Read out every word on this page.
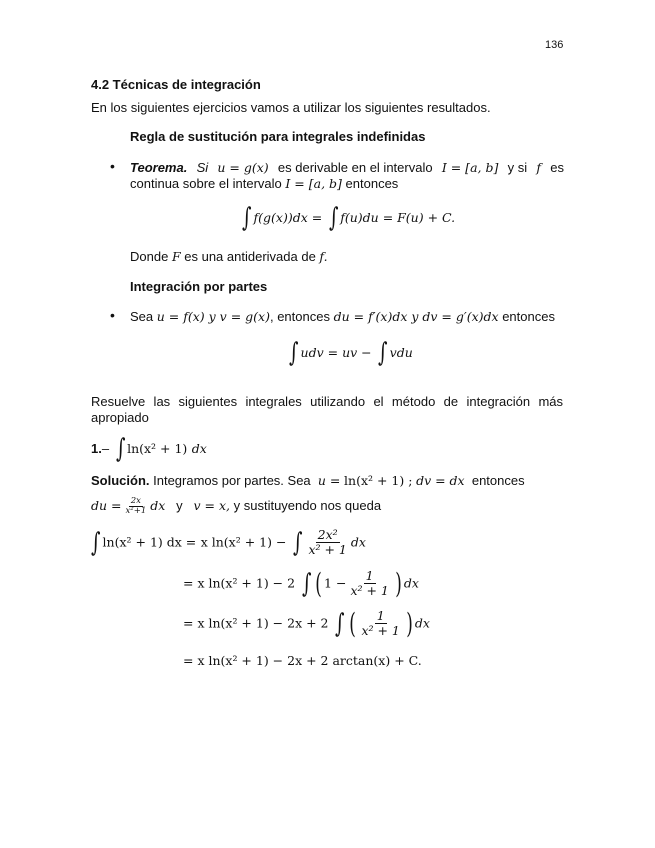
136
4.2 Técnicas de integración
En los siguientes ejercicios vamos a utilizar los siguientes resultados.
Regla de sustitución para integrales indefinidas
• Teorema. Si u = g(x) es derivable en el intervalo I = [a, b] y si f es
continua sobre el intervalo I = [a, b] entonces
∫ f(g(x))dx = ∫ f(u)du = F(u) + C.
Donde F es una antiderivada de f.
Integración por partes
• Sea u = f(x) y v = g(x), entonces du = f′(x)dx y dv = g′(x)dx entonces
∫ udv = uv − ∫ vdu
Resuelve las siguientes integrales utilizando el método de integración más apropiado
1.– ∫ ln(x² + 1) dx
Solución. Integramos por partes. Sea u = ln(x² + 1) ; dv = dx entonces
du = $\frac{2x}{\text{x²+1}}$ dx y v = x, y sustituyendo nos queda
∫ ln(x² + 1) dx = x ln(x² + 1) − ∫ $\frac{\text{2x²}}{\text{x² + 1}}$ dx
= x ln(x² + 1) − 2 ∫ ( $1 - \frac{1}{\text{x² + 1}}$ ) dx
= x ln(x² + 1) − 2x + 2 ∫ ( $\frac{1}{\text{x² + 1}}$ ) dx
= x ln(x² + 1) − 2x + 2 arctan(x) + C.
